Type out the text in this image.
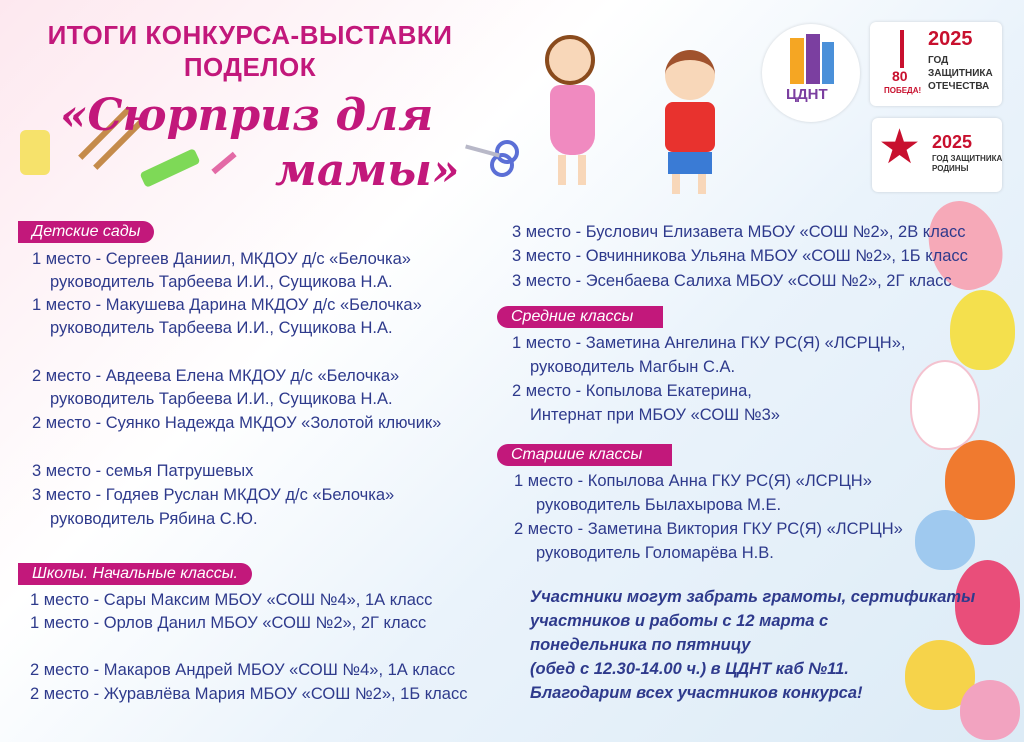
ИТОГИ КОНКУРСА-ВЫСТАВКИ
ПОДЕЛОК
«Сюрприз для
мамы»
ЦДНТ
80
ПОБЕДА!
2025
ГОД
ЗАЩИТНИКА
ОТЕЧЕСТВА
★ 2025
ГОД ЗАЩИТНИКА
РОДИНЫ
Детские сады
1 место - Сергеев Даниил, МКДОУ д/с «Белочка»
руководитель Тарбеева И.И., Сущикова Н.А.
1 место - Макушева Дарина МКДОУ д/с «Белочка»
руководитель Тарбеева И.И., Сущикова Н.А.
2 место - Авдеева Елена МКДОУ д/с «Белочка»
руководитель Тарбеева И.И., Сущикова Н.А.
2 место - Суянко Надежда МКДОУ «Золотой ключик»
3 место - семья Патрушевых
3 место - Годяев Руслан МКДОУ д/с «Белочка»
руководитель Рябина С.Ю.
Школы. Начальные классы.
1 место - Сары Максим МБОУ «СОШ №4», 1А класс
1 место - Орлов Данил МБОУ «СОШ №2», 2Г класс
2 место - Макаров Андрей МБОУ «СОШ №4», 1А класс
2 место - Журавлёва Мария МБОУ «СОШ №2», 1Б класс
3 место - Буслович Елизавета МБОУ «СОШ №2», 2В класс
3 место - Овчинникова Ульяна МБОУ «СОШ №2», 1Б класс
3 место - Эсенбаева Салиха МБОУ «СОШ №2», 2Г класс
Средние классы
1 место - Заметина Ангелина ГКУ РС(Я) «ЛСРЦН»,
руководитель Магбын С.А.
2 место - Копылова Екатерина,
Интернат при МБОУ «СОШ №3»
Старшие классы
1 место - Копылова Анна ГКУ РС(Я) «ЛСРЦН»
руководитель Былахырова М.Е.
2 место - Заметина Виктория ГКУ РС(Я) «ЛСРЦН»
руководитель Голомарёва Н.В.
Участники могут забрать грамоты, сертификаты
участников и работы с 12 марта с
понедельника по пятницу
(обед с 12.30-14.00 ч.) в ЦДНТ каб №11.
Благодарим всех участников конкурса!
